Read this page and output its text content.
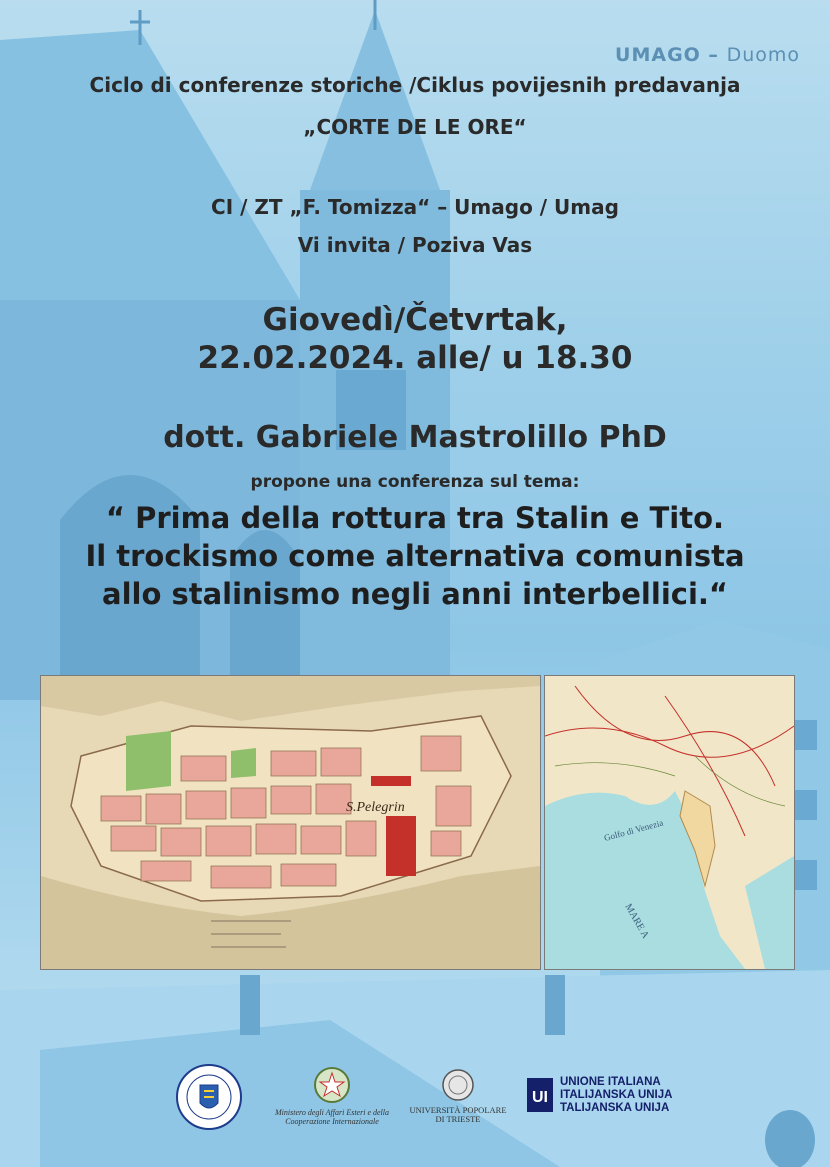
UMAGO – Duomo
Ciclo di conferenze storiche /Ciklus povijesnih predavanja
„CORTE DE LE ORE“
CI / ZT „F. Tomizza“ – Umago / Umag
Vi invita / Poziva Vas
Giovedì/Četvrtak,
22.02.2024. alle/ u 18.30
dott. Gabriele Mastrolillo PhD
propone una conferenza sul tema:
“ Prima della rottura tra Stalin e Tito.
Il trockismo come alternativa comunista
allo stalinismo negli anni interbellici.“
S.Pelegrin
Golfo di Venezia
MARE A
Ministero degli Affari Esteri e della Cooperazione Internazionale
UNIVERSITÀ POPOLARE DI TRIESTE
UI
UNIONE ITALIANA
ITALIJANSKA UNIJA
TALIJANSKA UNIJA
